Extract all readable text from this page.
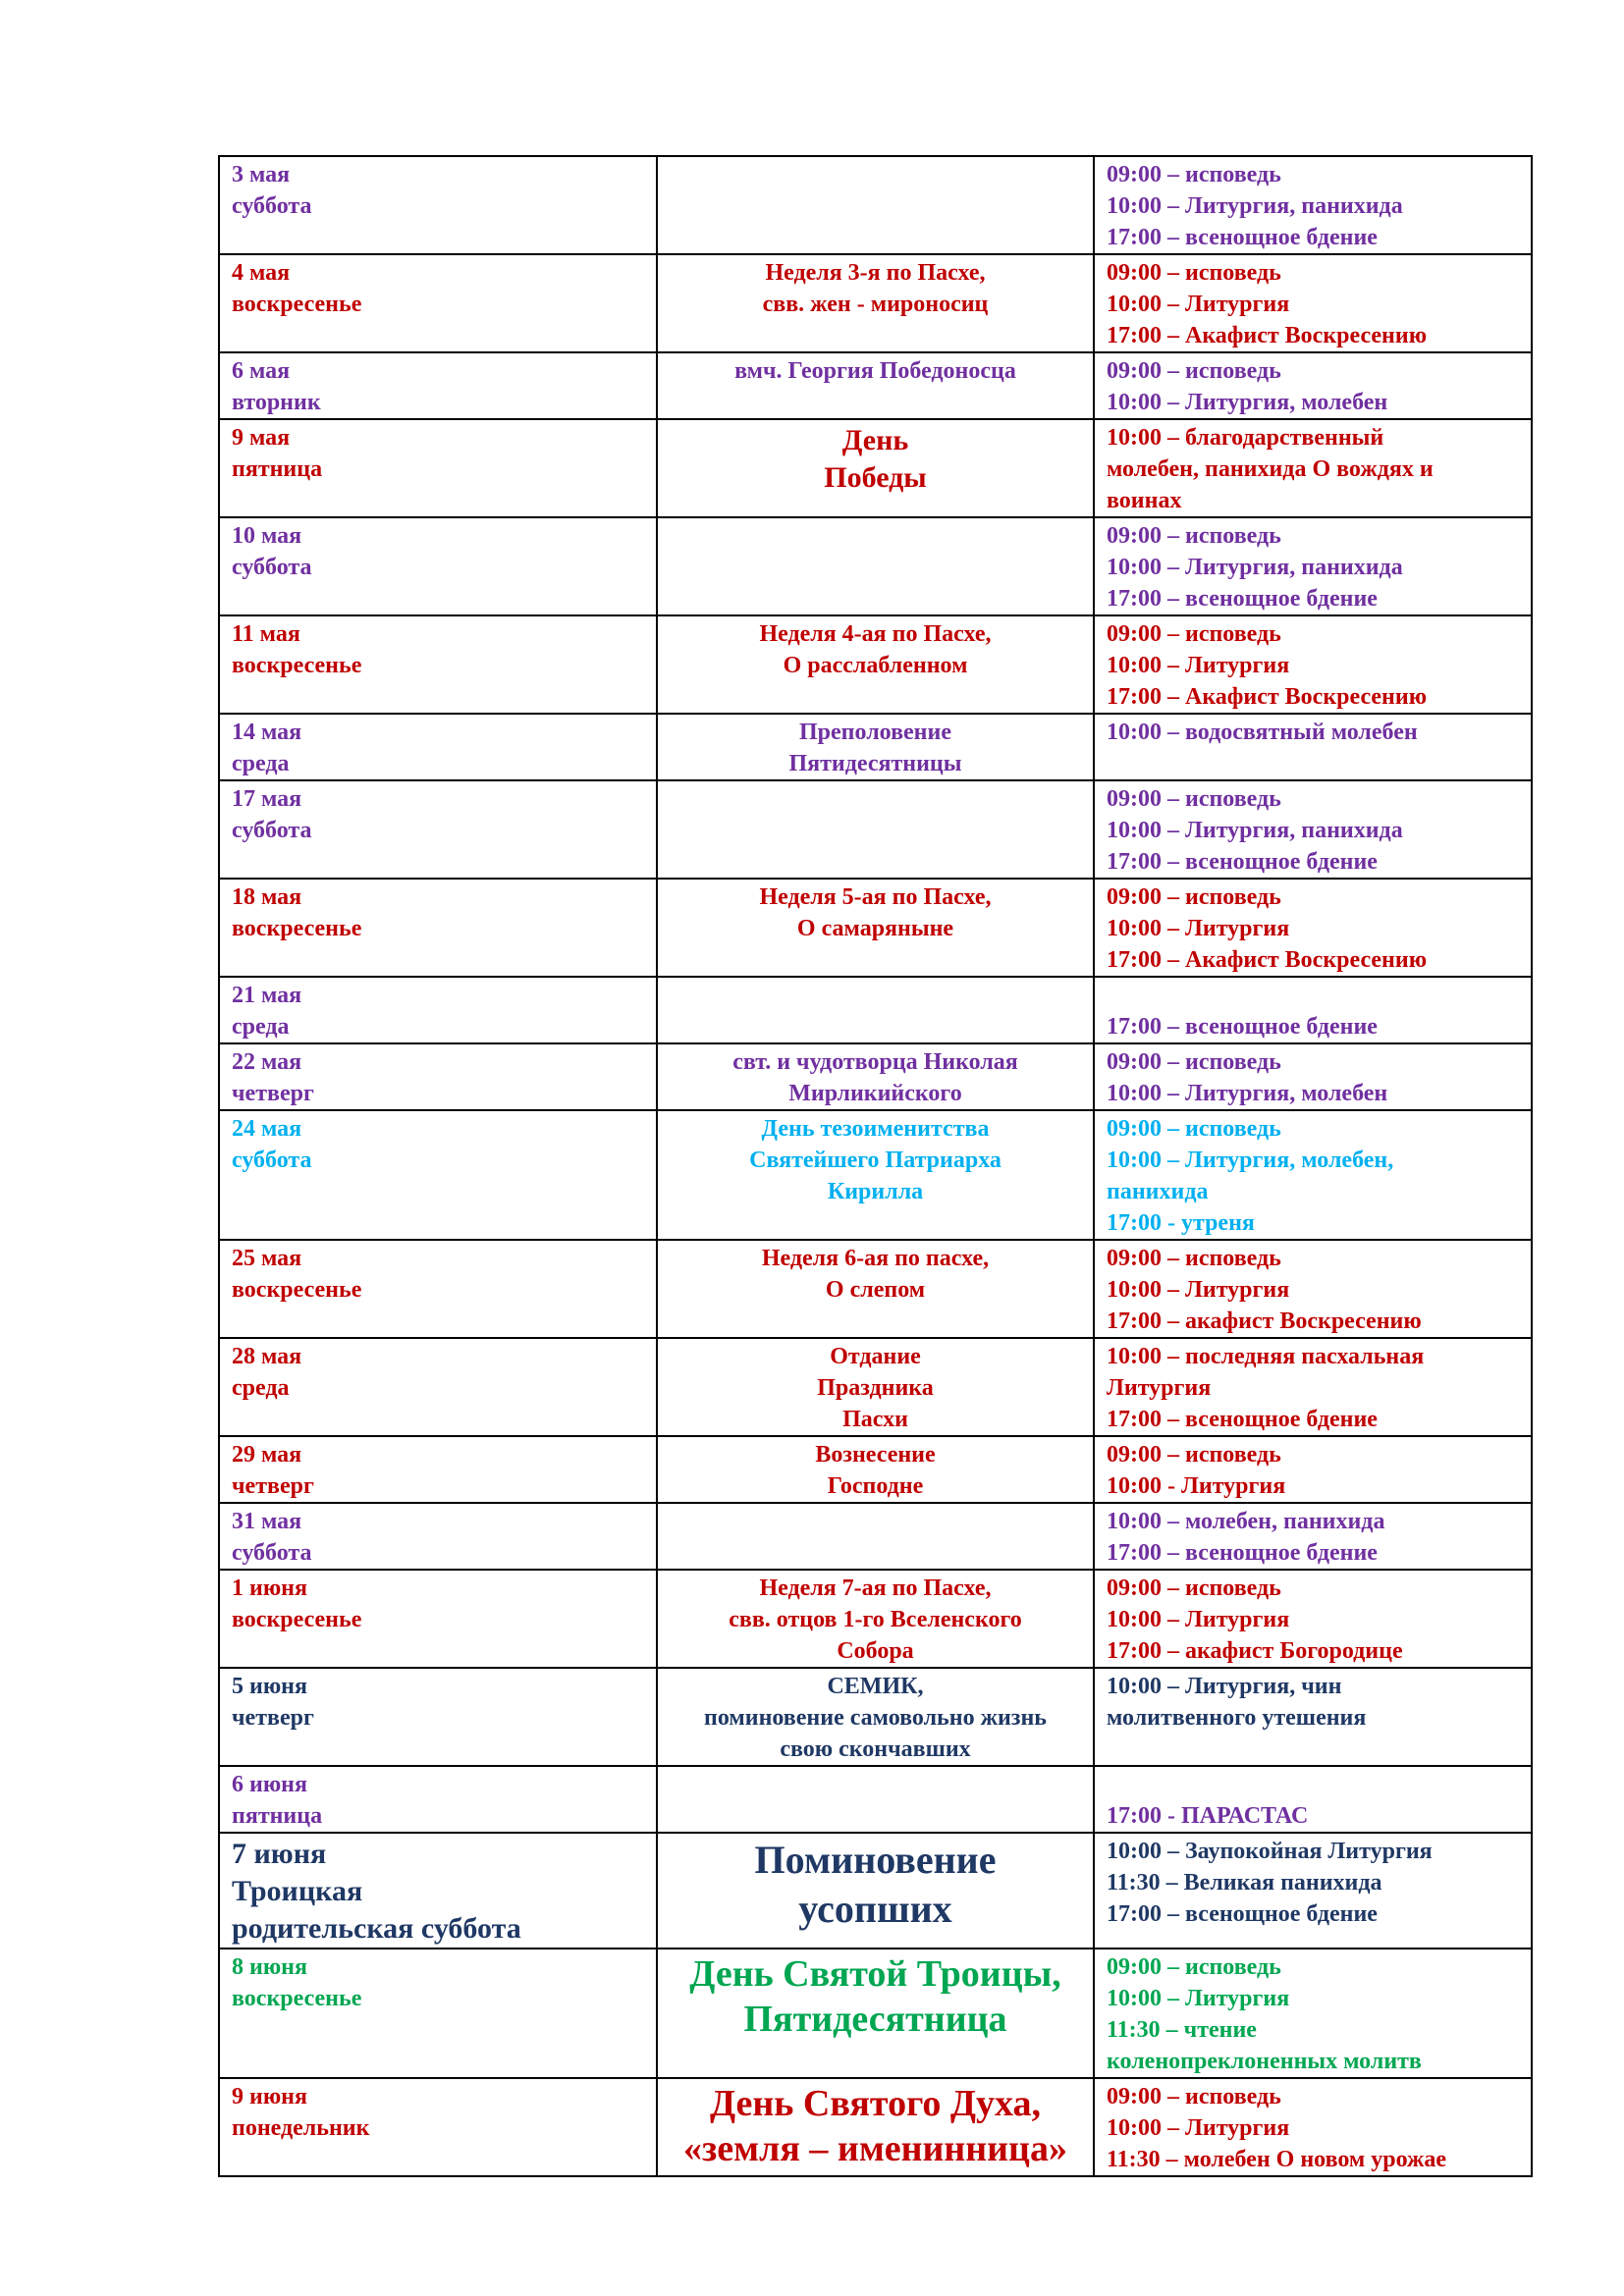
3 мая
суббота		09:00 – исповедь
10:00 – Литургия, панихида
17:00 – всенощное бдение

4 мая
воскресенье	Неделя 3-я по Пасхе,
свв. жен - мироносиц	09:00 – исповедь
10:00 – Литургия
17:00 – Акафист Воскресению

6 мая
вторник	вмч. Георгия Победоносца	09:00 – исповедь
10:00 – Литургия, молебен

9 мая
пятница	День
Победы	10:00 – благодарственный
молебен, панихида О вождях и
воинах

10 мая
суббота		09:00 – исповедь
10:00 – Литургия, панихида
17:00 – всенощное бдение

11 мая
воскресенье	Неделя 4-ая по Пасхе,
О расслабленном	09:00 – исповедь
10:00 – Литургия
17:00 – Акафист Воскресению

14 мая
среда	Преполовение
Пятидесятницы	10:00 – водосвятный молебен

17 мая
суббота		09:00 – исповедь
10:00 – Литургия, панихида
17:00 – всенощное бдение

18 мая
воскресенье	Неделя 5-ая по Пасхе,
О самаряныне	09:00 – исповедь
10:00 – Литургия
17:00 – Акафист Воскресению

21 мая
среда		17:00 – всенощное бдение

22 мая
четверг	свт. и чудотворца Николая
Мирликийского	09:00 – исповедь
10:00 – Литургия, молебен

24 мая
суббота	День тезоименитства
Святейшего Патриарха
Кирилла	09:00 – исповедь
10:00 – Литургия, молебен,
панихида
17:00 - утреня

25 мая
воскресенье	Неделя 6-ая по пасхе,
О слепом	09:00 – исповедь
10:00 – Литургия
17:00 – акафист Воскресению

28 мая
среда	Отдание
Праздника
Пасхи	10:00 – последняя пасхальная
Литургия
17:00 – всенощное бдение

29 мая
четверг	Вознесение
Господне	09:00 – исповедь
10:00 - Литургия

31 мая
суббота		10:00 – молебен, панихида
17:00 – всенощное бдение

1 июня
воскресенье	Неделя 7-ая по Пасхе,
свв. отцов 1-го Вселенского
Собора	09:00 – исповедь
10:00 – Литургия
17:00 – акафист Богородице

5 июня
четверг	СЕМИК,
поминовение самовольно жизнь
свою скончавших	10:00 – Литургия, чин
молитвенного утешения

6 июня
пятница		17:00 - ПАРАСТАС

7 июня
Троицкая
родительская суббота	Поминовение
усопших	10:00 – Заупокойная Литургия
11:30 – Великая панихида
17:00 – всенощное бдение

8 июня
воскресенье	День Святой Троицы,
Пятидесятница	09:00 – исповедь
10:00 – Литургия
11:30 – чтение
коленопреклоненных молитв

9 июня
понедельник	День Святого Духа,
«земля – именинница»	09:00 – исповедь
10:00 – Литургия
11:30 – молебен О новом урожае
